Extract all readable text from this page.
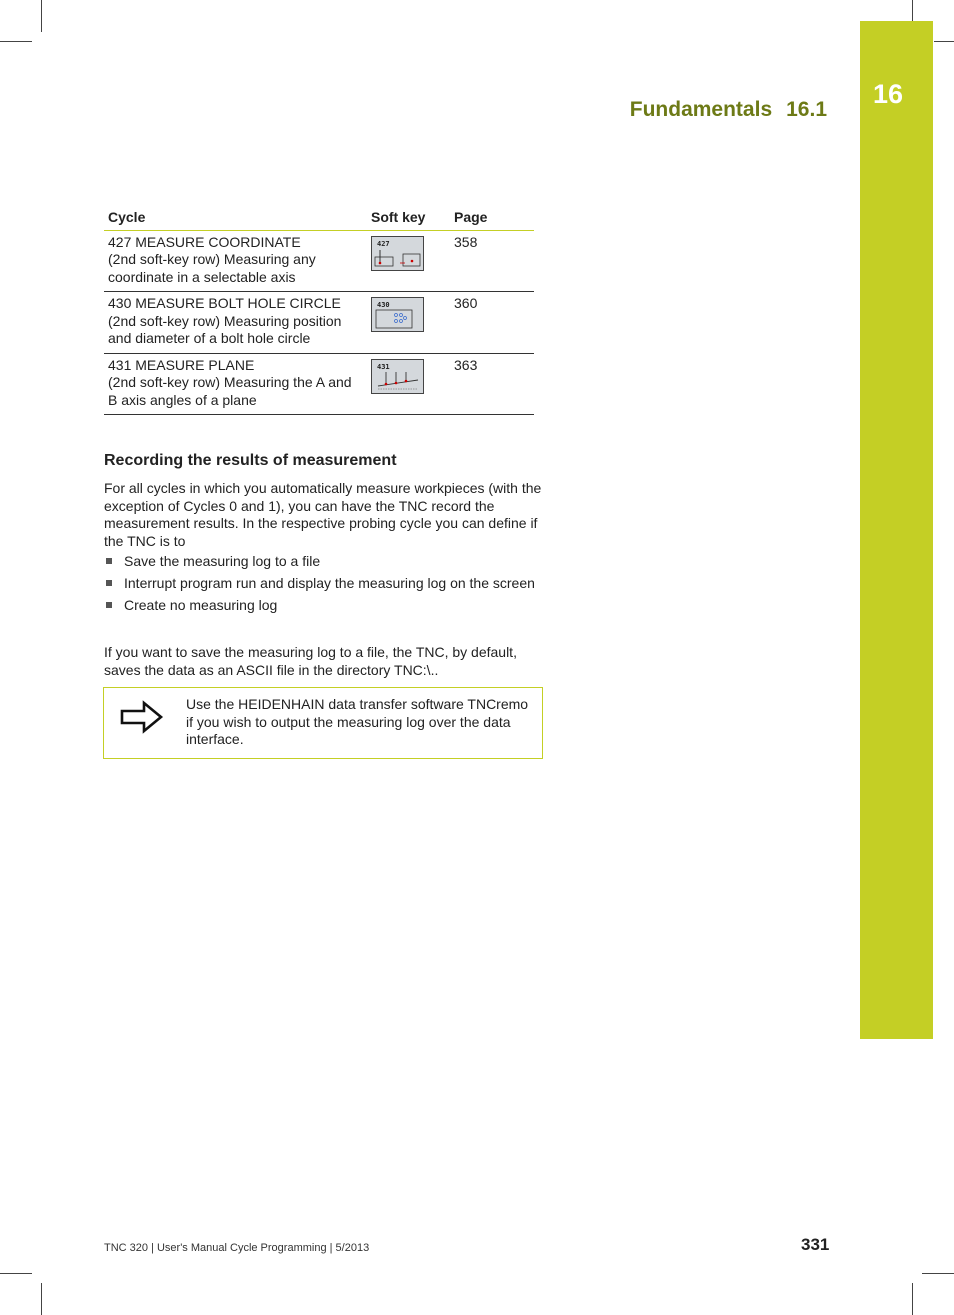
16
Fundamentals 16.1
Cycle	Soft key	Page

427 MEASURE COORDINATE
(2nd soft-key row) Measuring any coordinate in a selectable axis	427	358

430 MEASURE BOLT HOLE CIRCLE
(2nd soft-key row) Measuring position and diameter of a bolt hole circle	430	360

431 MEASURE PLANE
(2nd soft-key row) Measuring the A and B axis angles of a plane	431	363
Recording the results of measurement

For all cycles in which you automatically measure workpieces (with the exception of Cycles 0 and 1), you can have the TNC record the measurement results. In the respective probing cycle you can define if the TNC is to

Save the measuring log to a file
Interrupt program run and display the measuring log on the screen
Create no measuring log

If you want to save the measuring log to a file, the TNC, by default, saves the data as an ASCII file in the directory TNC:\..

Use the HEIDENHAIN data transfer software TNCremo if you wish to output the measuring log over the data interface.
TNC 320 | User's Manual Cycle Programming | 5/2013	331
